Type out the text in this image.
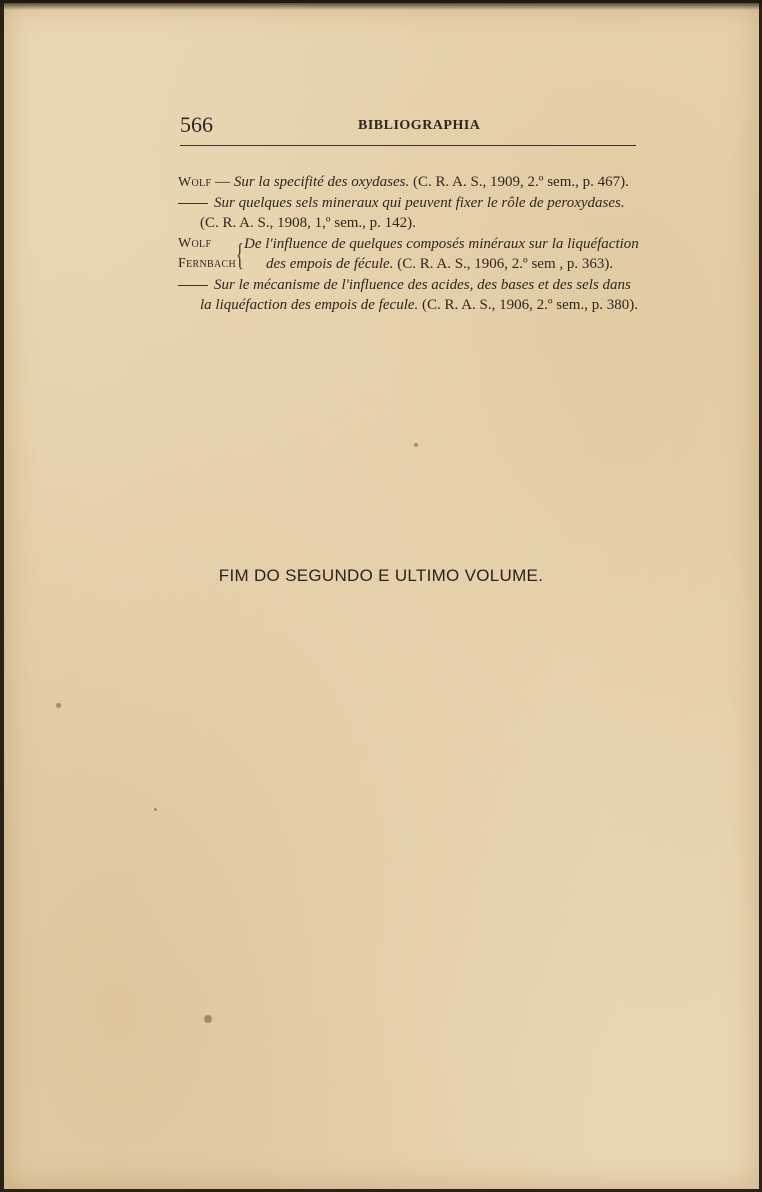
566	BIBLIOGRAPHIA
Wolf — Sur la specifité des oxydases. (C. R. A. S., 1909, 2.º sem., p. 467).
Sur quelques sels mineraux qui peuvent fixer le rôle de peroxydases.
(C. R. A. S., 1908, 1,º sem., p. 142).
Wolf
Fernbach { De l'influence de quelques composés minéraux sur la liquéfaction
des empois de fécule. (C. R. A. S., 1906, 2.º sem , p. 363).
Sur le mécanisme de l'influence des acides, des bases et des sels dans
la liquéfaction des empois de fecule. (C. R. A. S., 1906, 2.º sem., p. 380).
FIM DO SEGUNDO E ULTIMO VOLUME.
